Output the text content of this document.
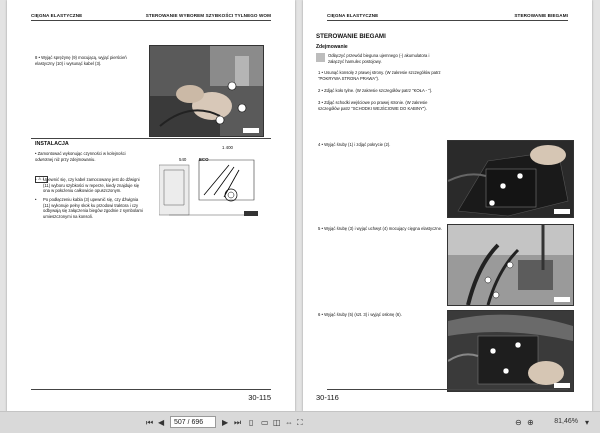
CIĘGNA ELASTYCZNE	STEROWANIE WYBOREM SZYBKOŚCI TYLNEGO WOM
8 • Wyjąć sprężynę (9) mocującą, wyjąć pierścień elastyczny (10) i wysunąć kabel (3).
INSTALACJA
• Zamontować wykonując czynności w kolejności odwrotnej niż przy zdejmowaniu.
⚠ 1
•	Upewnić się, czy kabel zamocowany jest do dźwigni (11) wyboru szybkości w reperze, kiedy znajduje się ona w położeniu całkowicie opuszczonym.
•	Po podłączeniu kabla (3) upewnić się, czy dźwignia (11) wykonuje pełny skok ku przodowi traktora i czy odbywają się załączenia biegów zgodnie z symbolami umieszczonymi na konsoli.
540	ECO
1 400
30-115
CIĘGNA ELASTYCZNE	STEROWANIE BIEGAMI
STEROWANIE BIEGAMI
Zdejmowanie
Odłączyć przewód bieguna ujemnego (-) akumulatora i załączyć hamulec postojowy.
1 • Usunąć konsolę z prawej strony. (W zakresie szczegółów patrz "POKRYWA STRONA PRAWA").
2 • Zdjąć koło tylne. (W zakresie szczegółów patrz "KOŁA - ").
3 • Zdjąć schodki wejściowe po prawej stronie. (W zakresie szczegółów patrz "SCHODKI WEJŚCIOWE DO KABINY").
4 • Wyjąć śruby (1) i zdjąć pokrycie (2).
5 • Wyjąć śrubę (3) i wyjąć uchwyt (4) mocujący cięgna elastyczne.
6 • Wyjąć śruby (5) (szt. 3) i wyjąć osłonę (6).
30-116
⏮ ◀
507 / 696	▶ ⏭ ▯ ▭ ◫ ⇔ ⛶	⊖ ⊕	81,46% ▾
